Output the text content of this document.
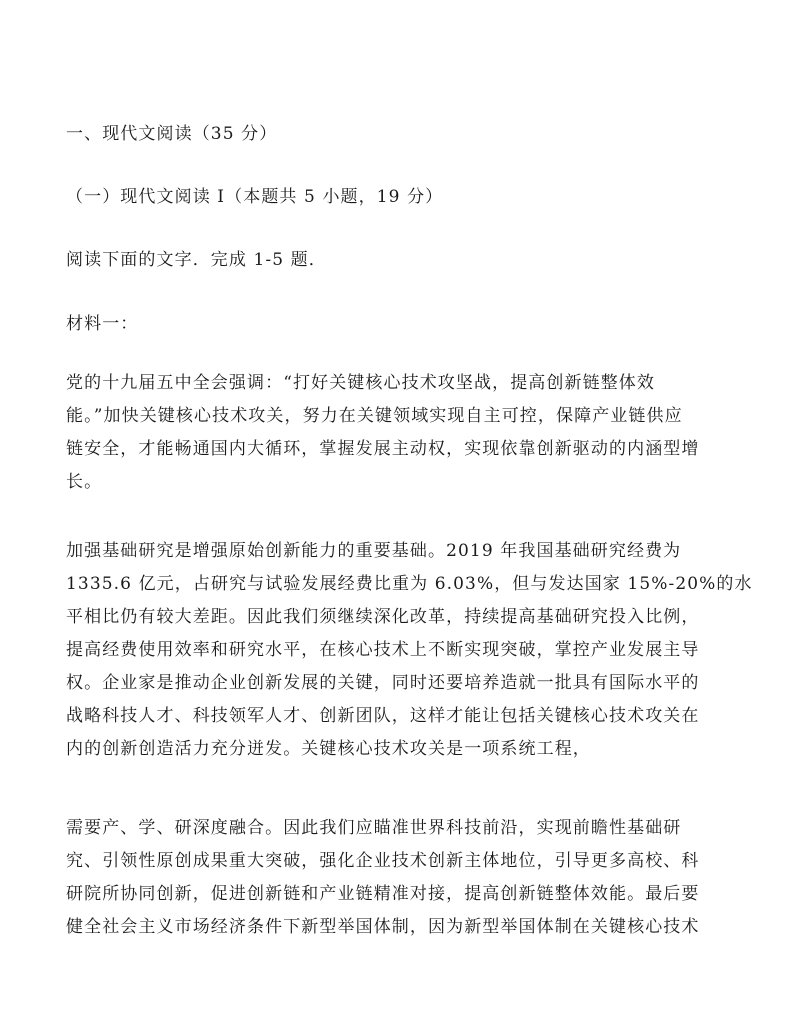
一、现代文阅读（35 分）
（一）现代文阅读 I（本题共 5 小题，19 分）
阅读下面的文字．完成 1-5 题．
材料一：
党的十九届五中全会强调：“打好关键核心技术攻坚战，提高创新链整体效
能。”加快关键核心技术攻关，努力在关键领域实现自主可控，保障产业链供应
链安全，才能畅通国内大循环，掌握发展主动权，实现依靠创新驱动的内涵型增
长。
加强基础研究是增强原始创新能力的重要基础。2019 年我国基础研究经费为
1335.6 亿元，占研究与试验发展经费比重为 6.03%，但与发达国家 15%-20%的水
平相比仍有较大差距。因此我们须继续深化改革，持续提高基础研究投入比例，
提高经费使用效率和研究水平，在核心技术上不断实现突破，掌控产业发展主导
权。企业家是推动企业创新发展的关键，同时还要培养造就一批具有国际水平的
战略科技人才、科技领军人才、创新团队，这样才能让包括关键核心技术攻关在
内的创新创造活力充分迸发。关键核心技术攻关是一项系统工程，
需要产、学、研深度融合。因此我们应瞄准世界科技前沿，实现前瞻性基础研
究、引领性原创成果重大突破，强化企业技术创新主体地位，引导更多高校、科
研院所协同创新，促进创新链和产业链精准对接，提高创新链整体效能。最后要
健全社会主义市场经济条件下新型举国体制，因为新型举国体制在关键核心技术
